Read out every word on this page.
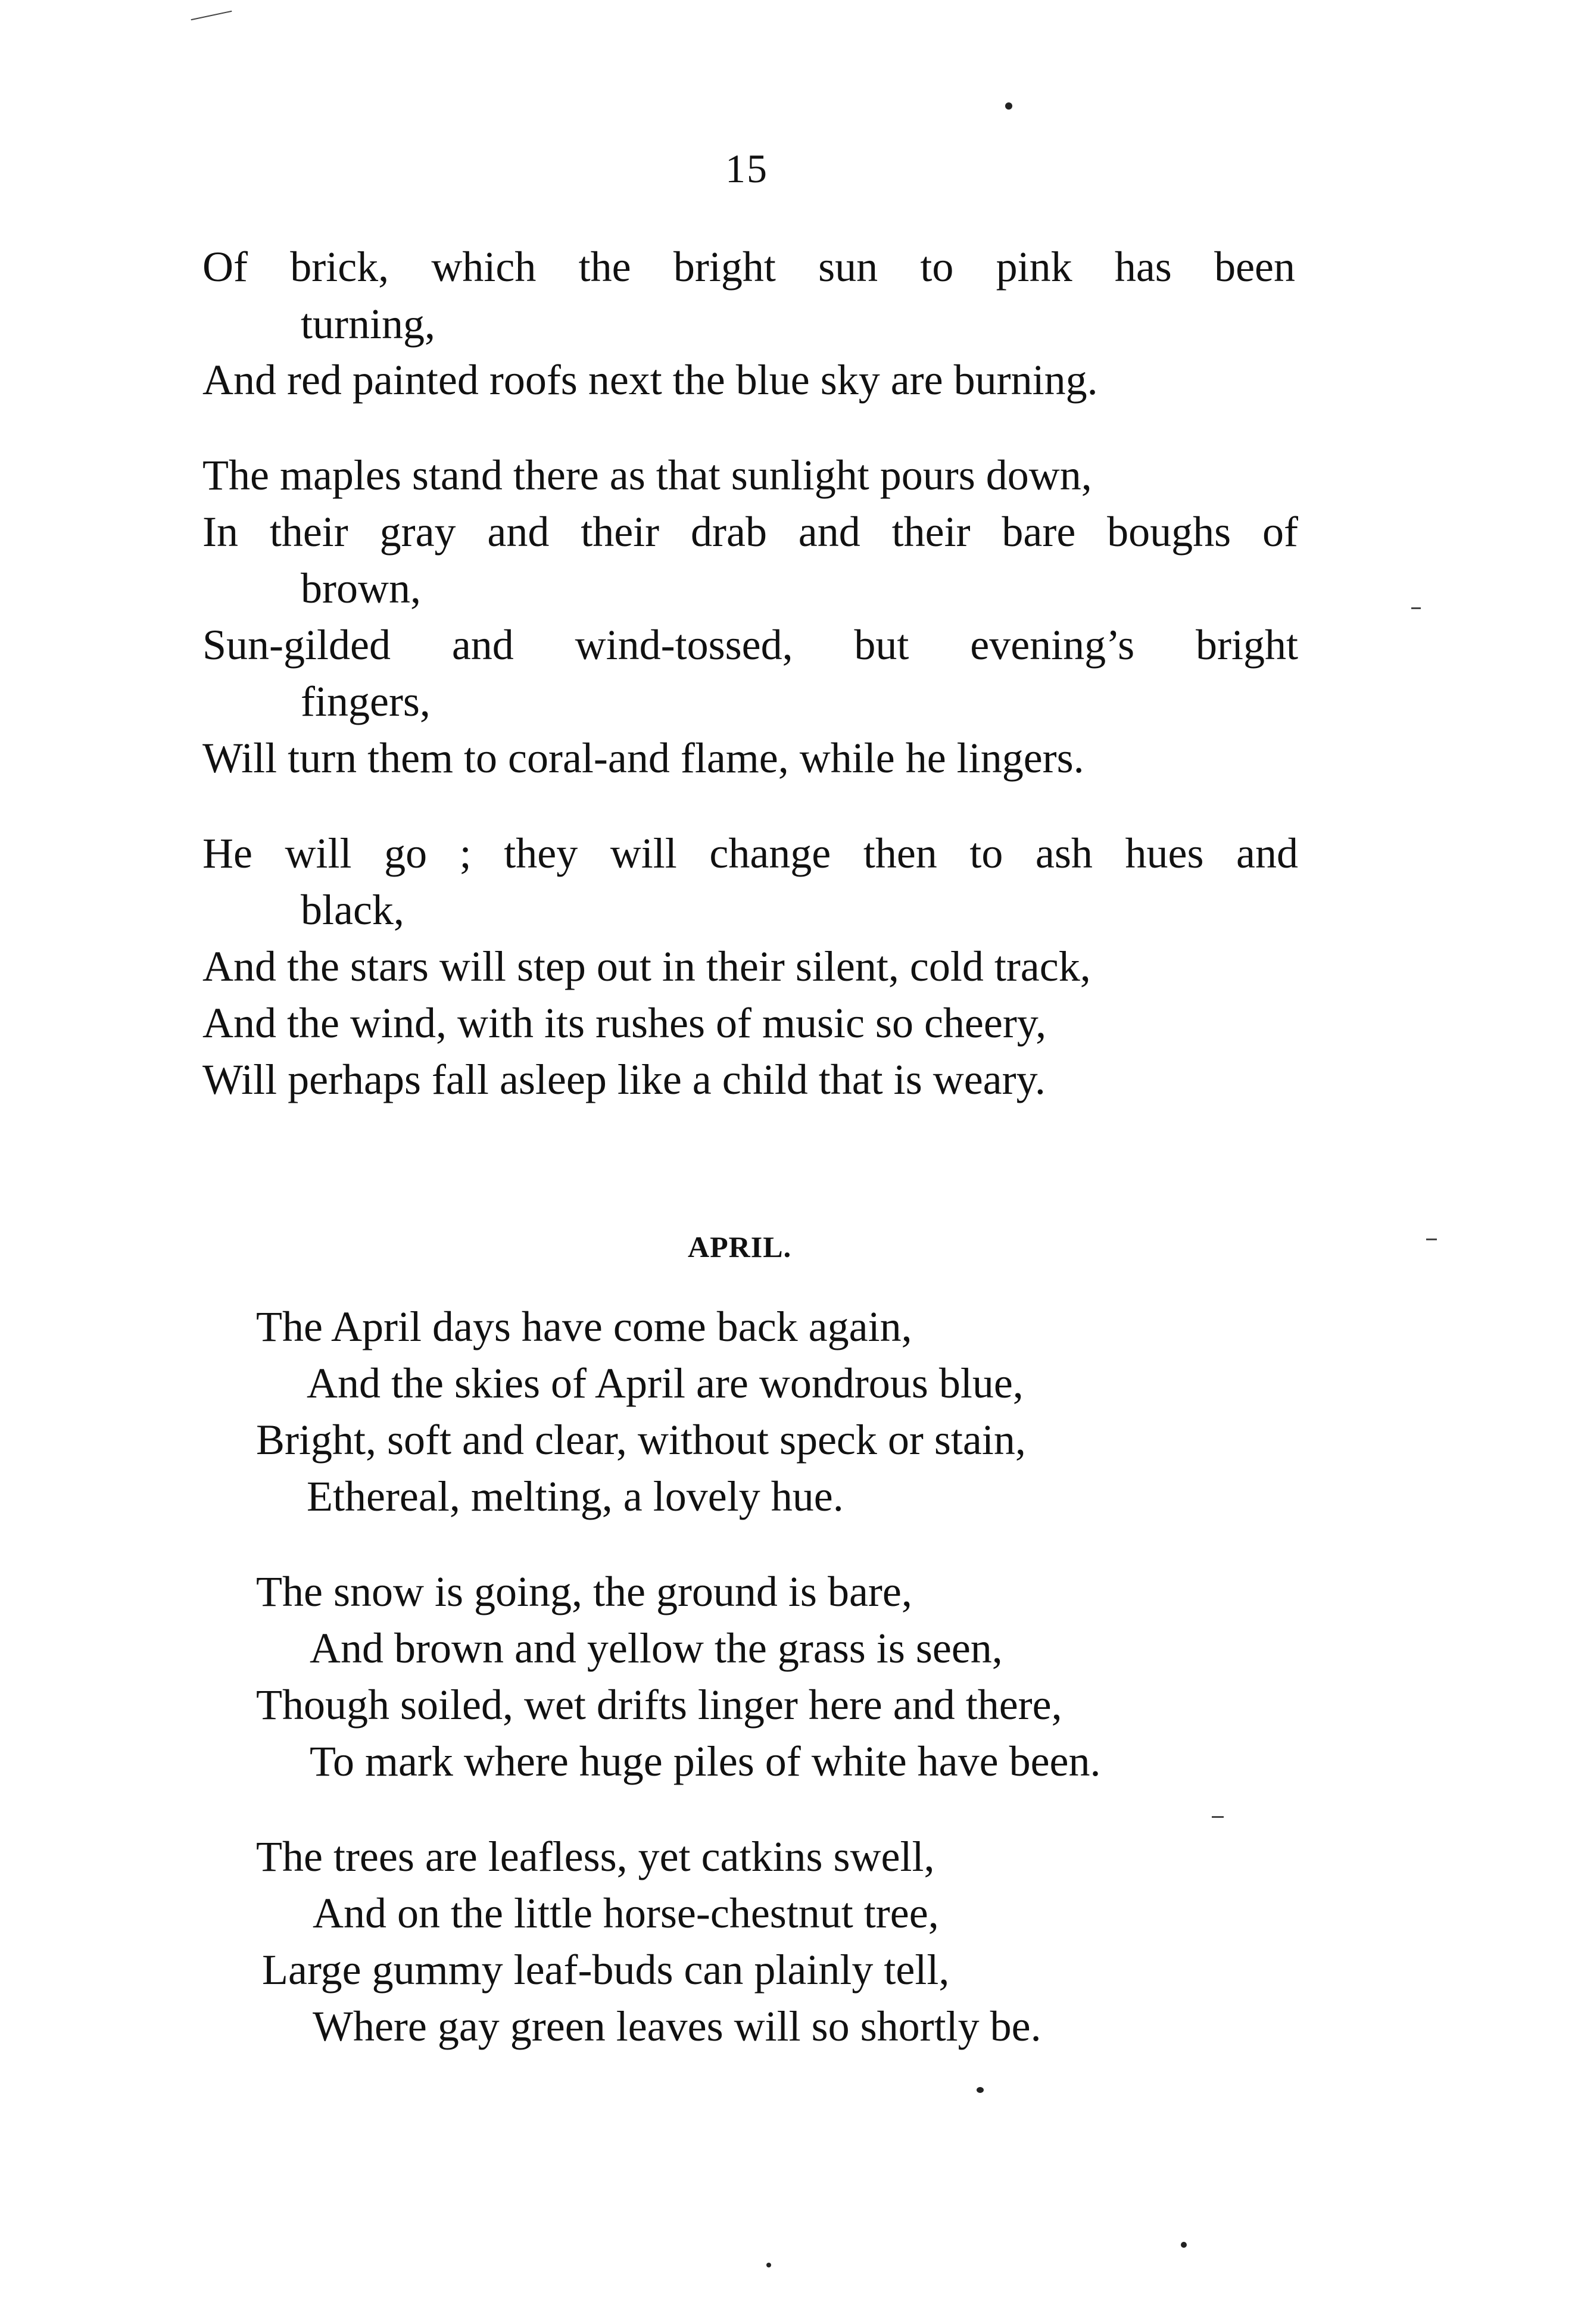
15
Of brick, which the bright sun to pink has been
turning,
And red painted roofs next the blue sky are burning.
The maples stand there as that sunlight pours down,
In their gray and their drab and their bare boughs of
brown,
Sun-gilded and wind-tossed, but evening’s bright
fingers,
Will turn them to coral-and flame, while he lingers.
He will go ; they will change then to ash hues and
black,
And the stars will step out in their silent, cold track,
And the wind, with its rushes of music so cheery,
Will perhaps fall asleep like a child that is weary.
APRIL.
The April days have come back again,
And the skies of April are wondrous blue,
Bright, soft and clear, without speck or stain,
Ethereal, melting, a lovely hue.
The snow is going, the ground is bare,
And brown and yellow the grass is seen,
Though soiled, wet drifts linger here and there,
To mark where huge piles of white have been.
The trees are leafless, yet catkins swell,
And on the little horse-chestnut tree,
Large gummy leaf-buds can plainly tell,
Where gay green leaves will so shortly be.
